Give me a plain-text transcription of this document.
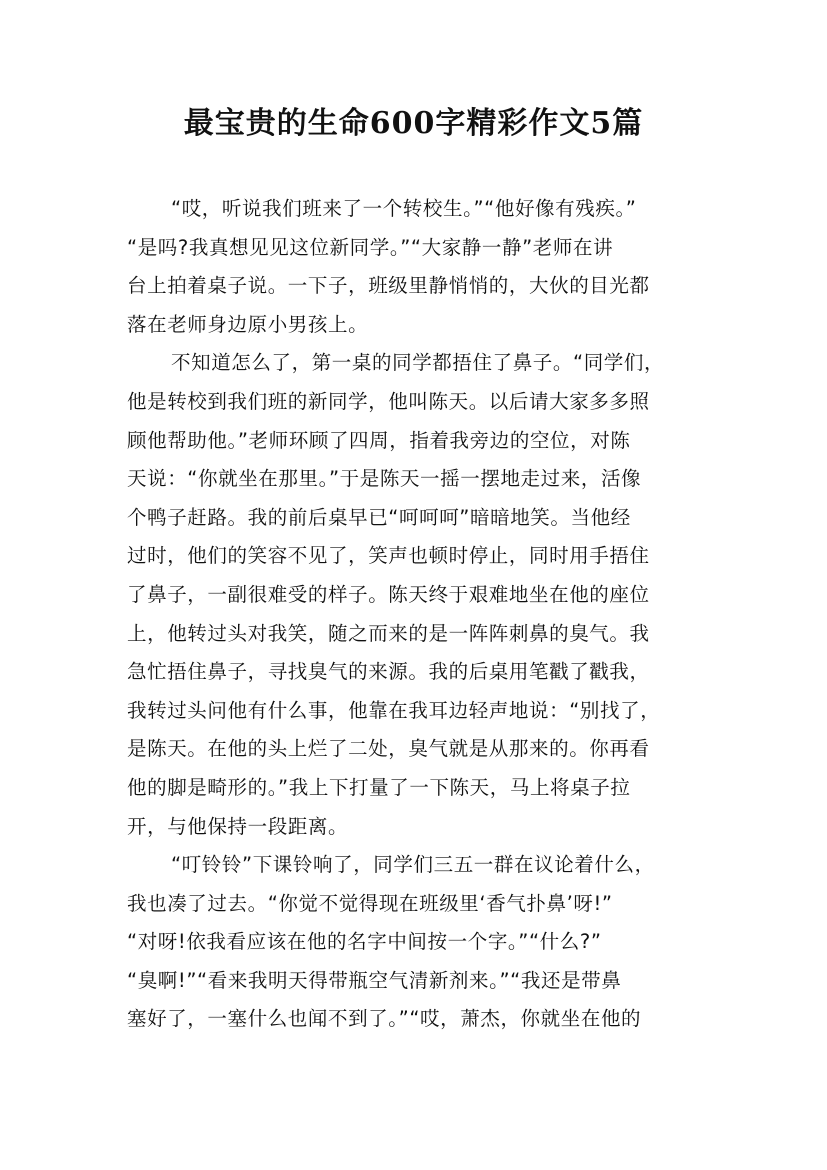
最宝贵的生命600字精彩作文5篇
“哎，听说我们班来了一个转校生。”“他好像有残疾。”
“是吗?我真想见见这位新同学。”“大家静一静”老师在讲
台上拍着桌子说。一下子，班级里静悄悄的，大伙的目光都
落在老师身边原小男孩上。
不知道怎么了，第一桌的同学都捂住了鼻子。“同学们，
他是转校到我们班的新同学，他叫陈天。以后请大家多多照
顾他帮助他。”老师环顾了四周，指着我旁边的空位，对陈
天说：“你就坐在那里。”于是陈天一摇一摆地走过来，活像
个鸭子赶路。我的前后桌早已“呵呵呵”暗暗地笑。当他经
过时，他们的笑容不见了，笑声也顿时停止，同时用手捂住
了鼻子，一副很难受的样子。陈天终于艰难地坐在他的座位
上，他转过头对我笑，随之而来的是一阵阵刺鼻的臭气。我
急忙捂住鼻子，寻找臭气的来源。我的后桌用笔戳了戳我，
我转过头问他有什么事，他靠在我耳边轻声地说：“别找了，
是陈天。在他的头上烂了二处，臭气就是从那来的。你再看
他的脚是畸形的。”我上下打量了一下陈天，马上将桌子拉
开，与他保持一段距离。
“叮铃铃”下课铃响了，同学们三五一群在议论着什么，
我也凑了过去。“你觉不觉得现在班级里‘香气扑鼻’呀!”
“对呀!依我看应该在他的名字中间按一个字。”“什么?”
“臭啊!”“看来我明天得带瓶空气清新剂来。”“我还是带鼻
塞好了，一塞什么也闻不到了。”“哎，萧杰，你就坐在他的
